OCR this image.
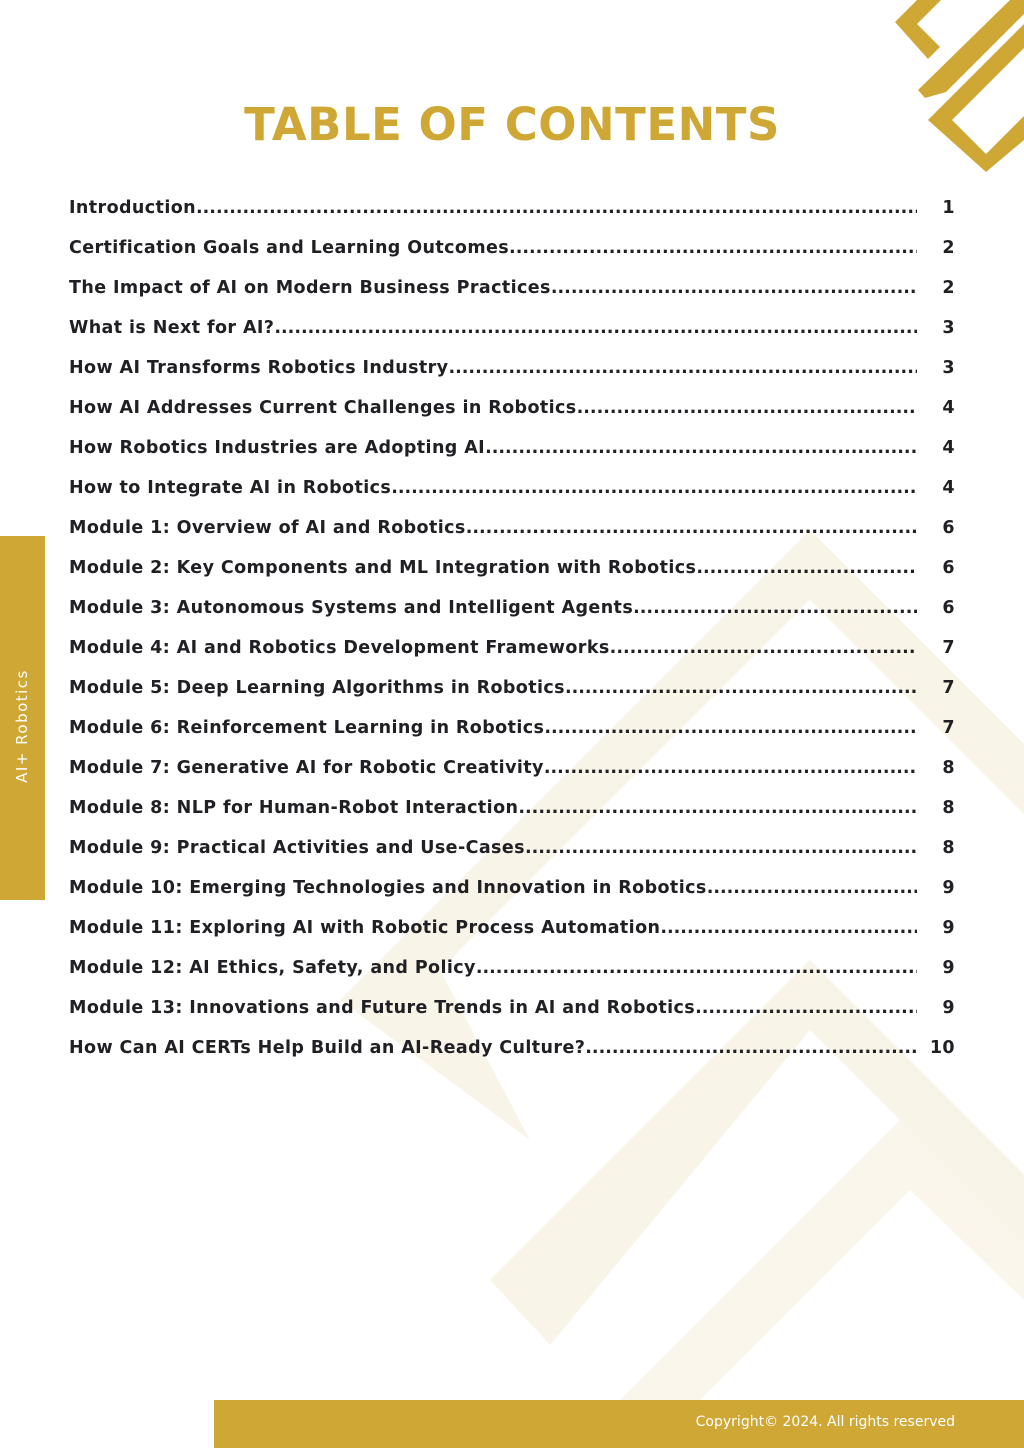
TABLE OF CONTENTS
AI+ Robotics
Introduction .....	1
Certification Goals and Learning Outcomes .....	2
The Impact of AI on Modern Business Practices .....	2
What is Next for AI? .....	3
How AI Transforms Robotics Industry .....	3
How AI Addresses Current Challenges in Robotics .....	4
How Robotics Industries are Adopting AI .....	4
How to Integrate AI in Robotics .....	4
Module 1: Overview of AI and Robotics .....	6
Module 2: Key Components and ML Integration with Robotics .....	6
Module 3: Autonomous Systems and Intelligent Agents .....	6
Module 4: AI and Robotics Development Frameworks .....	7
Module 5: Deep Learning Algorithms in Robotics .....	7
Module 6: Reinforcement Learning in Robotics .....	7
Module 7: Generative AI for Robotic Creativity .....	8
Module 8: NLP for Human-Robot Interaction .....	8
Module 9: Practical Activities and Use-Cases .....	8
Module 10: Emerging Technologies and Innovation in Robotics .....	9
Module 11: Exploring AI with Robotic Process Automation .....	9
Module 12: AI Ethics, Safety, and Policy .....	9
Module 13: Innovations and Future Trends in AI and Robotics .....	9
How Can AI CERTs Help Build an AI-Ready Culture? .....	10
Copyright© 2024. All rights reserved
